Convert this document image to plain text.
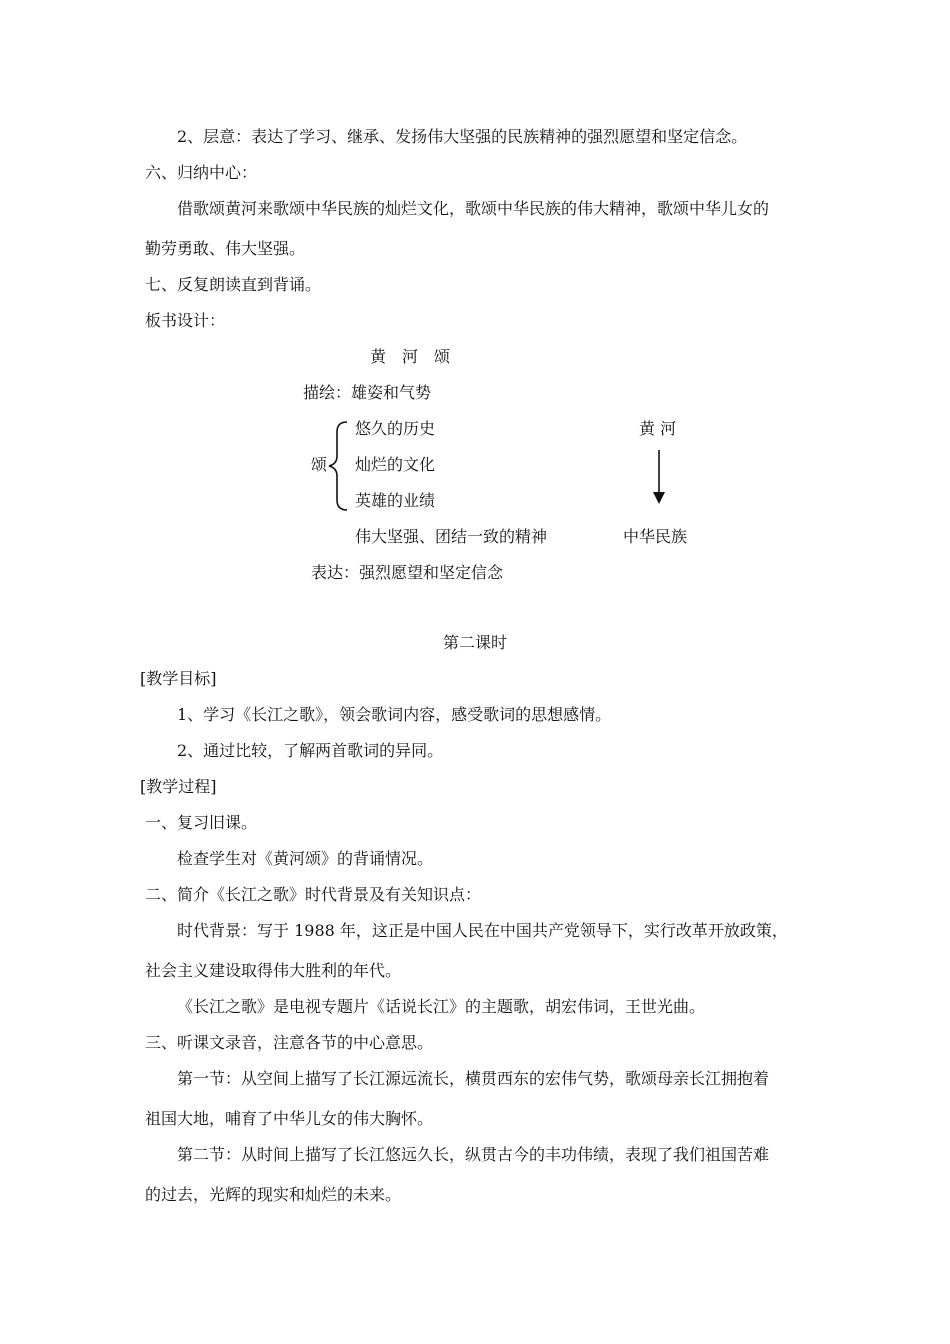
2、层意：表达了学习、继承、发扬伟大坚强的民族精神的强烈愿望和坚定信念。
六、归纳中心：
借歌颂黄河来歌颂中华民族的灿烂文化，歌颂中华民族的伟大精神，歌颂中华儿女的
勤劳勇敢、伟大坚强。
七、反复朗读直到背诵。
板书设计：
黄　河　颂
描绘：雄姿和气势
颂
悠久的历史
灿烂的文化
英雄的业绩
伟大坚强、团结一致的精神
表达：强烈愿望和坚定信念
黄 河
中华民族
第二课时
[教学目标]
1、学习《长江之歌》，领会歌词内容，感受歌词的思想感情。
2、通过比较，了解两首歌词的异同。
[教学过程]
一、复习旧课。
检查学生对《黄河颂》的背诵情况。
二、简介《长江之歌》时代背景及有关知识点：
时代背景：写于 1988 年，这正是中国人民在中国共产党领导下，实行改革开放政策，
社会主义建设取得伟大胜利的年代。
《长江之歌》是电视专题片《话说长江》的主题歌，胡宏伟词，王世光曲。
三、听课文录音，注意各节的中心意思。
第一节：从空间上描写了长江源远流长，横贯西东的宏伟气势，歌颂母亲长江拥抱着
祖国大地，哺育了中华儿女的伟大胸怀。
第二节：从时间上描写了长江悠远久长，纵贯古今的丰功伟绩，表现了我们祖国苦难
的过去，光辉的现实和灿烂的未来。
